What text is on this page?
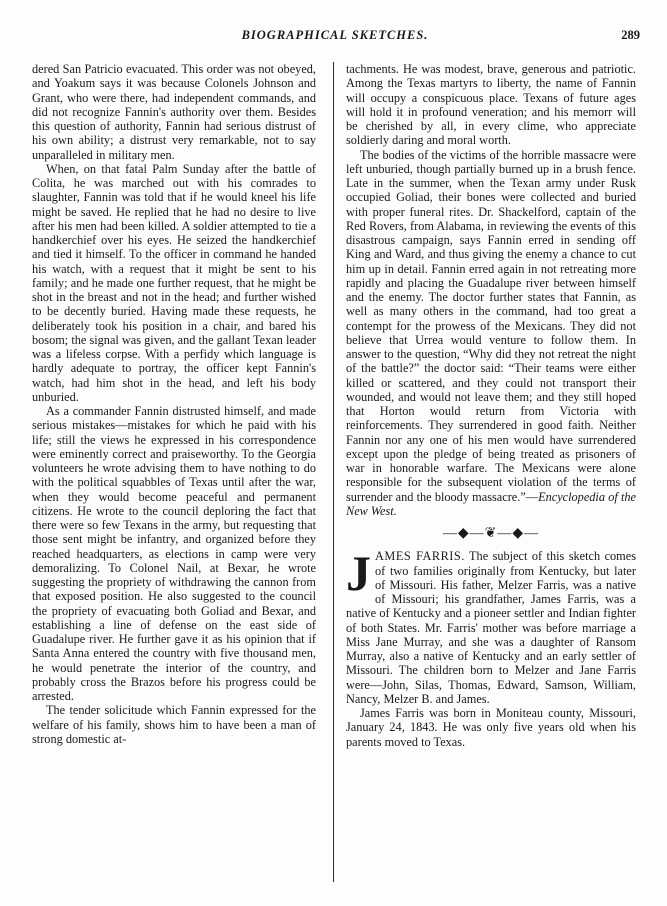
BIOGRAPHICAL SKETCHES.	289

dered San Patricio evacuated. This order was not obeyed, and Yoakum says it was because Colonels Johnson and Grant, who were there, had independent commands, and did not recognize Fannin's authority over them. Besides this question of authority, Fannin had serious distrust of his own ability; a distrust very remarkable, not to say unparalleled in military men.

When, on that fatal Palm Sunday after the battle of Colita, he was marched out with his comrades to slaughter, Fannin was told that if he would kneel his life might be saved. He replied that he had no desire to live after his men had been killed. A soldier attempted to tie a handkerchief over his eyes. He seized the handkerchief and tied it himself. To the officer in command he handed his watch, with a request that it might be sent to his family; and he made one further request, that he might be shot in the breast and not in the head; and further wished to be decently buried. Having made these requests, he deliberately took his position in a chair, and bared his bosom; the signal was given, and the gallant Texan leader was a lifeless corpse. With a perfidy which language is hardly adequate to portray, the officer kept Fannin's watch, had him shot in the head, and left his body unburied.

As a commander Fannin distrusted himself, and made serious mistakes—mistakes for which he paid with his life; still the views he expressed in his correspondence were eminently correct and praiseworthy. To the Georgia volunteers he wrote advising them to have nothing to do with the political squabbles of Texas until after the war, when they would become peaceful and permanent citizens. He wrote to the council deploring the fact that there were so few Texans in the army, but requesting that those sent might be infantry, and organized before they reached headquarters, as elections in camp were very demoralizing. To Colonel Nail, at Bexar, he wrote suggesting the propriety of withdrawing the cannon from that exposed position. He also suggested to the council the propriety of evacuating both Goliad and Bexar, and establishing a line of defense on the east side of Guadalupe river. He further gave it as his opinion that if Santa Anna entered the country with five thousand men, he would penetrate the interior of the country, and probably cross the Brazos before his progress could be arrested.

The tender solicitude which Fannin expressed for the welfare of his family, shows him to have been a man of strong domestic at-

tachments. He was modest, brave, generous and patriotic. Among the Texas martyrs to liberty, the name of Fannin will occupy a conspicuous place. Texans of future ages will hold it in profound veneration; and his memorr will be cherished by all, in every clime, who appreciate soldierly daring and moral worth.

The bodies of the victims of the horrible massacre were left unburied, though partially burned up in a brush fence. Late in the summer, when the Texan army under Rusk occupied Goliad, their bones were collected and buried with proper funeral rites. Dr. Shackelford, captain of the Red Rovers, from Alabama, in reviewing the events of this disastrous campaign, says Fannin erred in sending off King and Ward, and thus giving the enemy a chance to cut him up in detail. Fannin erred again in not retreating more rapidly and placing the Guadalupe river between himself and the enemy. The doctor further states that Fannin, as well as many others in the command, had too great a contempt for the prowess of the Mexicans. They did not believe that Urrea would venture to follow them. In answer to the question, “Why did they not retreat the night of the battle?” the doctor said: “Their teams were either killed or scattered, and they could not transport their wounded, and would not leave them; and they still hoped that Horton would return from Victoria with reinforcements. They surrendered in good faith. Neither Fannin nor any one of his men would have surrendered except upon the pledge of being treated as prisoners of war in honorable warfare. The Mexicans were alone responsible for the subsequent violation of the terms of surrender and the bloody massacre.”—Encyclopedia of the New West.

—◆—❦—◆—
J AMES FARRIS. The subject of this sketch comes of two families originally from Kentucky, but later of Missouri. His father, Melzer Farris, was a native of Missouri; his grandfather, James Farris, was a native of Kentucky and a pioneer settler and Indian fighter of both States. Mr. Farris' mother was before marriage a Miss Jane Murray, and she was a daughter of Ransom Murray, also a native of Kentucky and an early settler of Missouri. The children born to Melzer and Jane Farris were—John, Silas, Thomas, Edward, Samson, William, Nancy, Melzer B. and James.

James Farris was born in Moniteau county, Missouri, January 24, 1843. He was only five years old when his parents moved to Texas.
